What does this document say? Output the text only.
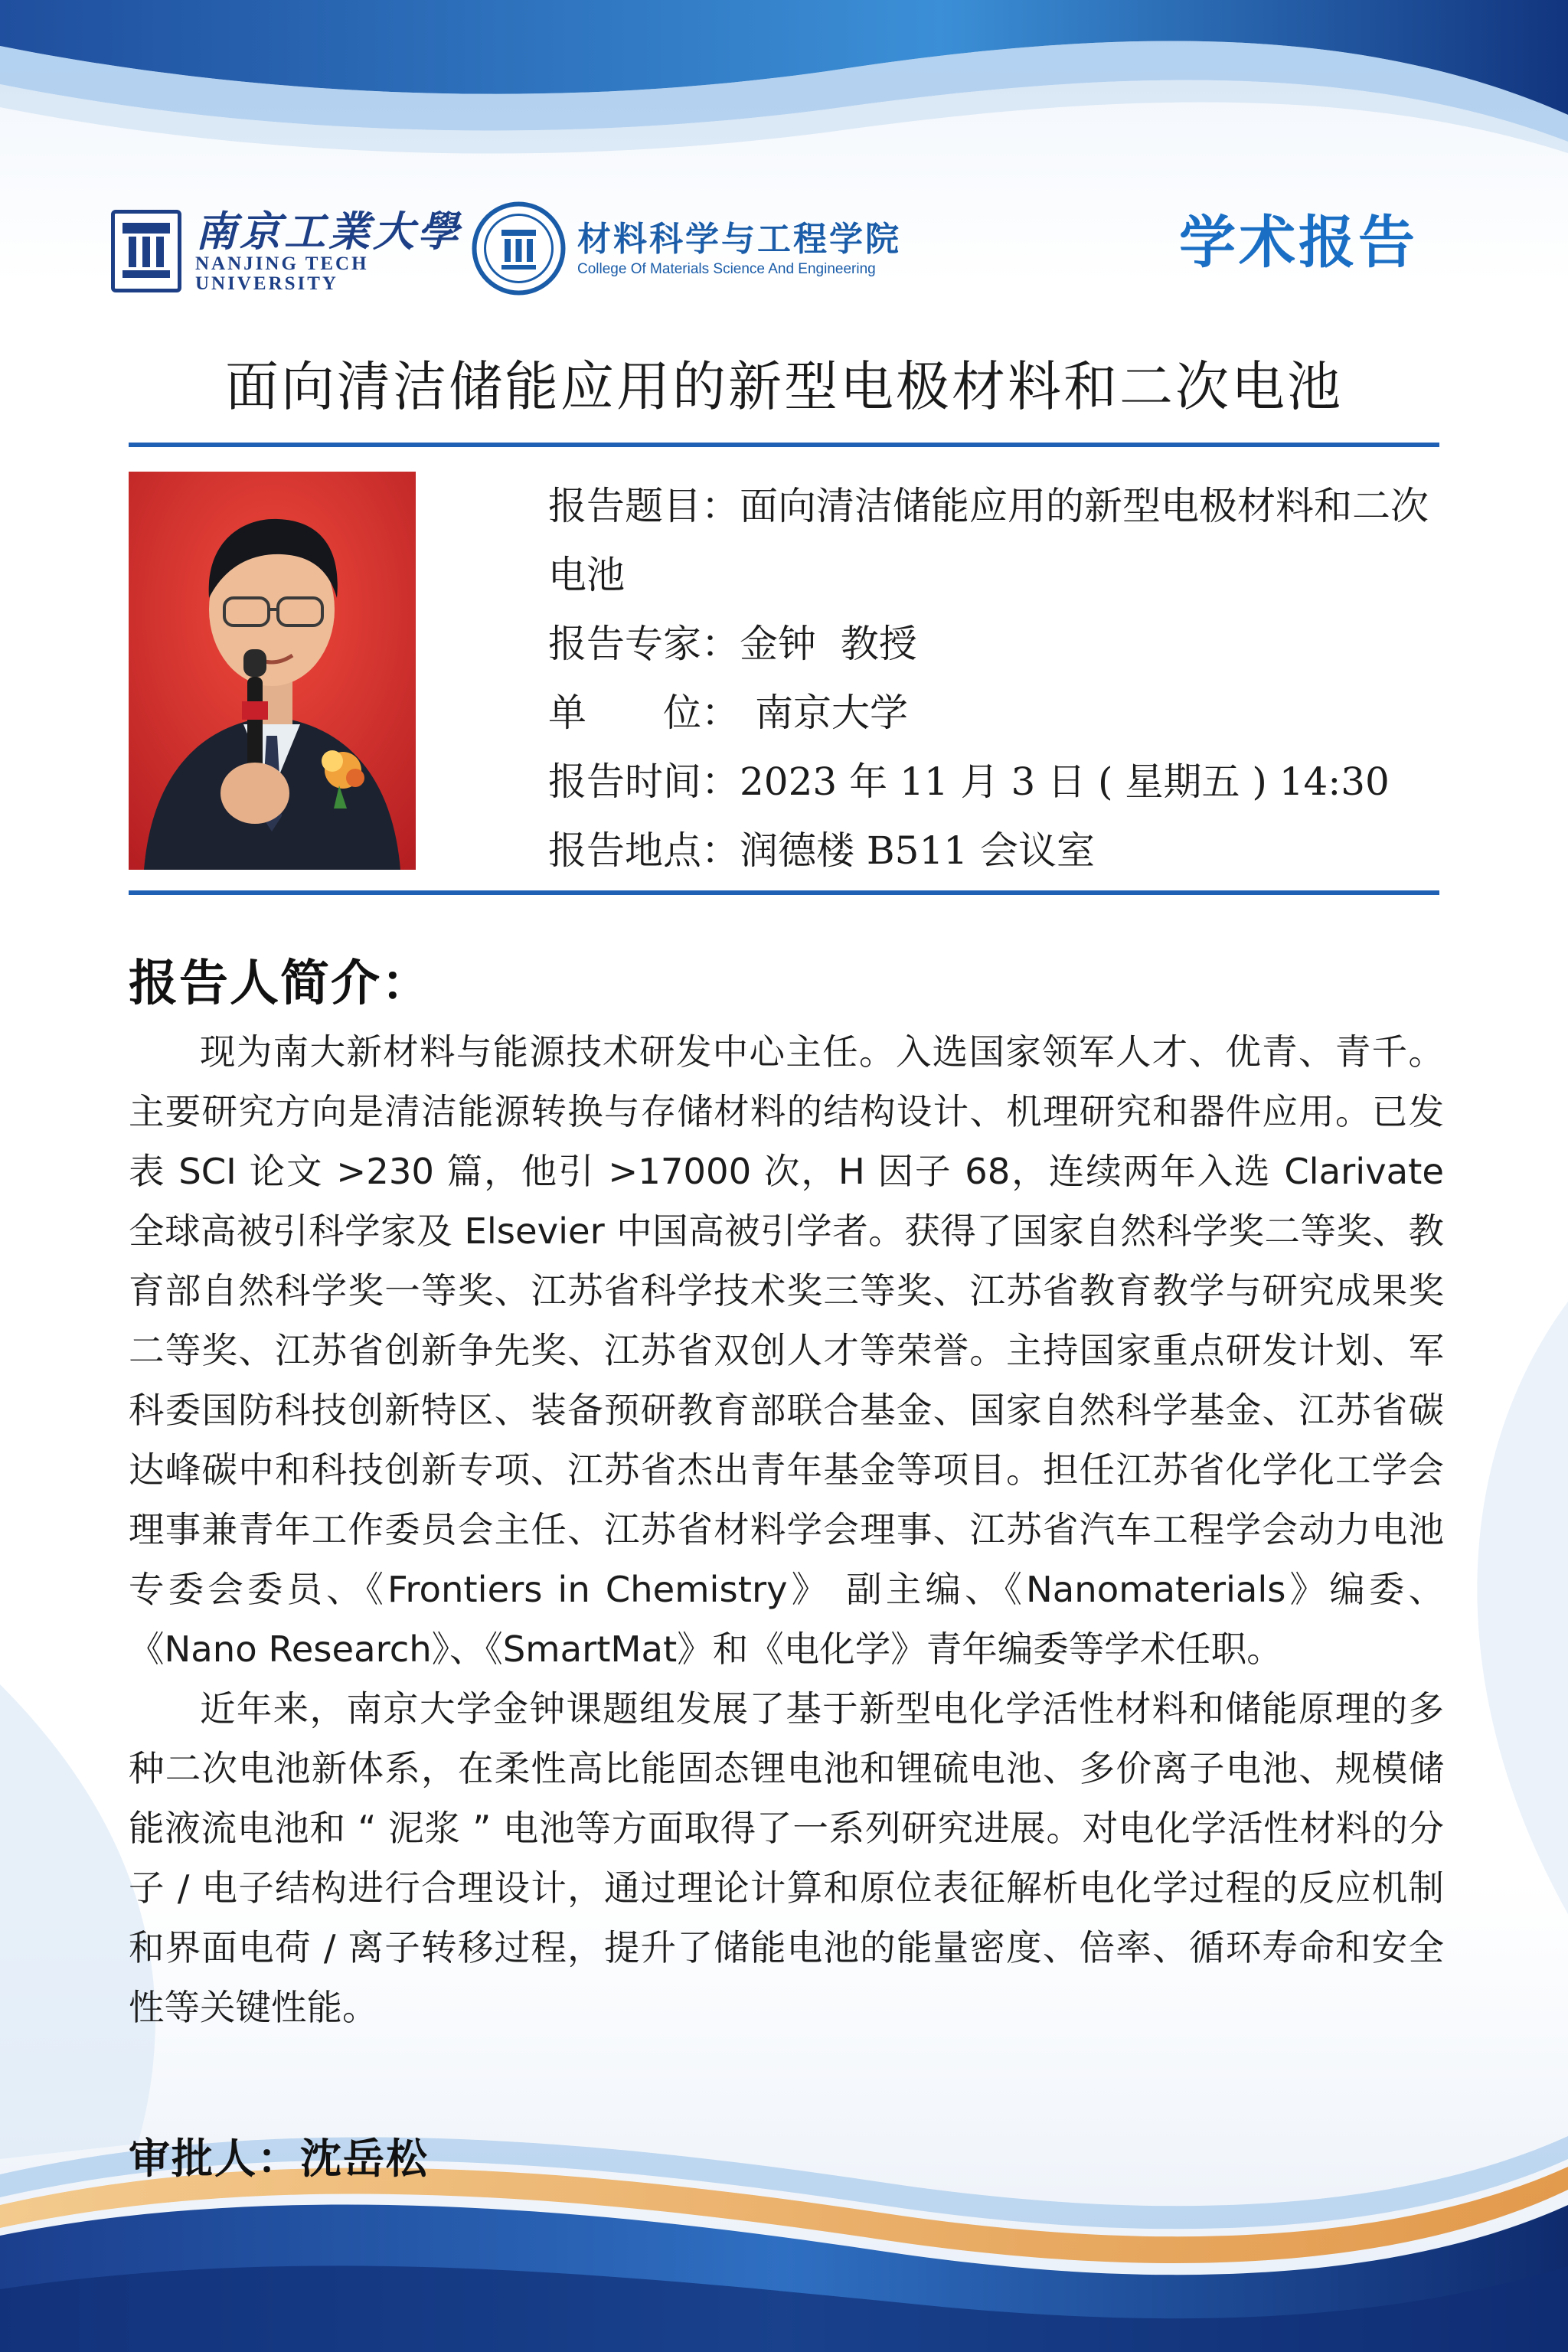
南京工業大學
NANJING TECH
UNIVERSITY
材料科学与工程学院
College Of Materials Science And Engineering	学术报告
面向清洁储能应用的新型电极材料和二次电池
报告题目：面向清洁储能应用的新型电极材料和二次电池
报告专家： 金钟  教授
单 位： 南京大学
报告时间： 2023 年 11 月 3 日 ( 星期五 ) 14:30
报告地点： 润德楼 B511 会议室
报告人简介：

现为南大新材料与能源技术研发中心主任。入选国家领军人才、优青、青千。主要研究方向是清洁能源转换与存储材料的结构设计、机理研究和器件应用。已发表 SCI 论文 >230 篇，他引 >17000 次，H 因子 68，连续两年入选 Clarivate 全球高被引科学家及 Elsevier 中国高被引学者。获得了国家自然科学奖二等奖、教育部自然科学奖一等奖、江苏省科学技术奖三等奖、江苏省教育教学与研究成果奖二等奖、江苏省创新争先奖、江苏省双创人才等荣誉。主持国家重点研发计划、军科委国防科技创新特区、装备预研教育部联合基金、国家自然科学基金、江苏省碳达峰碳中和科技创新专项、江苏省杰出青年基金等项目。担任江苏省化学化工学会理事兼青年工作委员会主任、江苏省材料学会理事、江苏省汽车工程学会动力电池专委会委员、《Frontiers in Chemistry》 副主编、《Nanomaterials》编委、《Nano Research》、《SmartMat》和《电化学》青年编委等学术任职。

近年来，南京大学金钟课题组发展了基于新型电化学活性材料和储能原理的多种二次电池新体系，在柔性高比能固态锂电池和锂硫电池、多价离子电池、规模储能液流电池和 “ 泥浆 ” 电池等方面取得了一系列研究进展。对电化学活性材料的分子 / 电子结构进行合理设计，通过理论计算和原位表征解析电化学过程的反应机制和界面电荷 / 离子转移过程，提升了储能电池的能量密度、倍率、循环寿命和安全性等关键性能。

审批人：沈岳松
